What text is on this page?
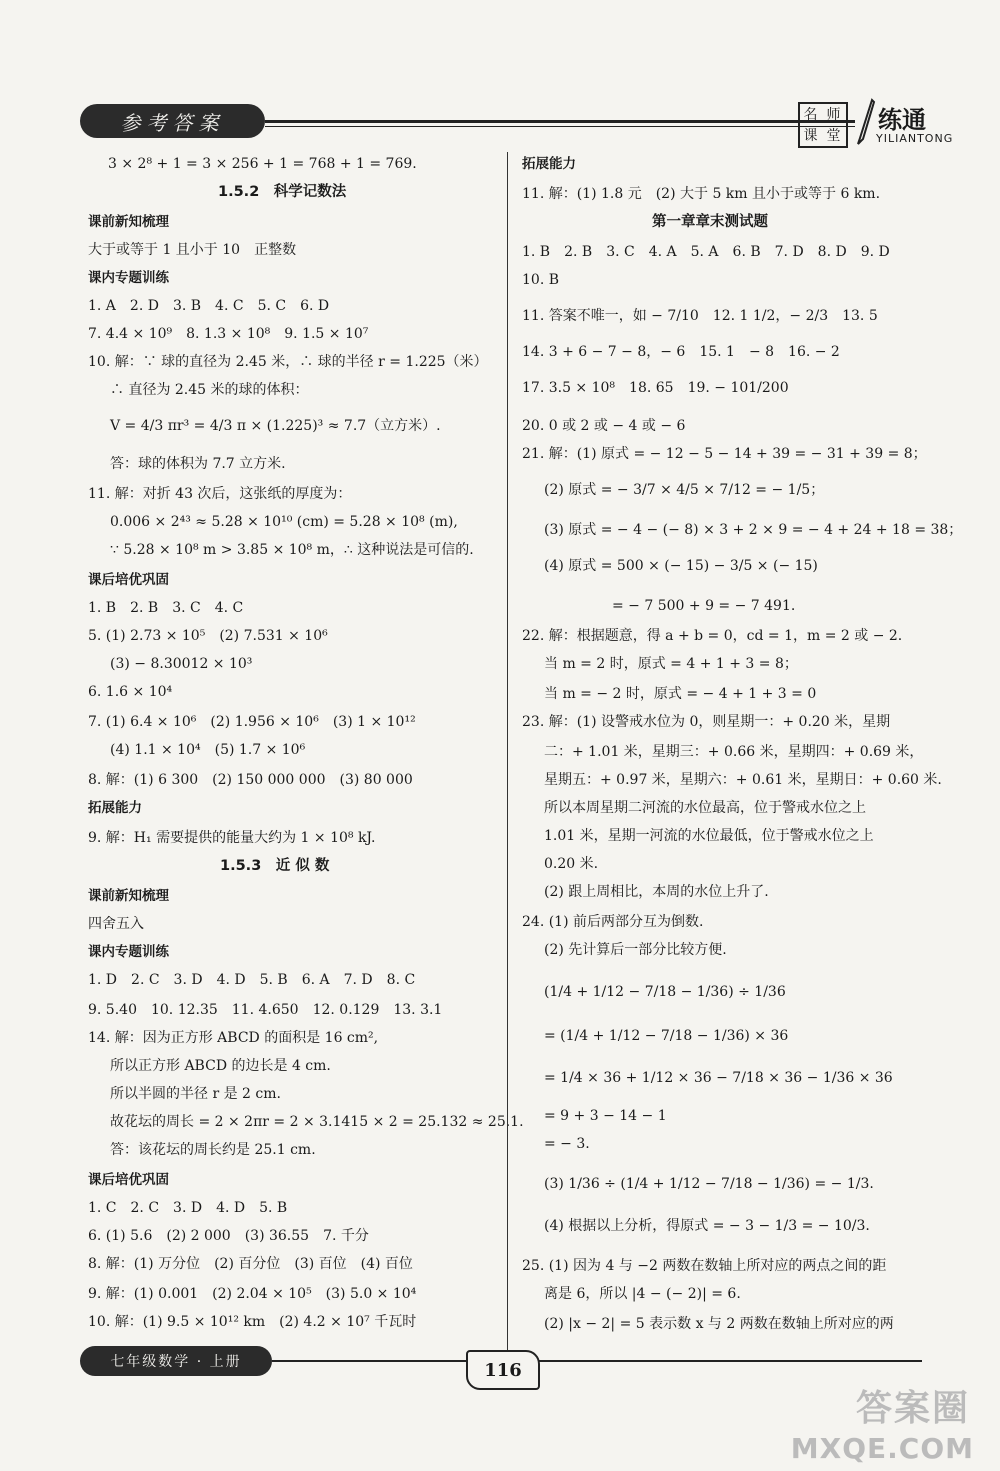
参考答案	名 师
课 堂
练通
YILIANTONG
3 × 2⁸ + 1 = 3 × 256 + 1 = 768 + 1 = 769.
1.5.2　科学记数法
课前新知梳理
大于或等于 1 且小于 10　正整数
课内专题训练
1. A　2. D　3. B　4. C　5. C　6. D
7. 4.4 × 10⁹　8. 1.3 × 10⁸　9. 1.5 × 10⁷
10. 解：∵ 球的直径为 2.45 米，∴ 球的半径 r = 1.225（米）
∴ 直径为 2.45 米的球的体积：
V = 4/3 πr³ = 4/3 π × (1.225)³ ≈ 7.7（立方米）.
答：球的体积为 7.7 立方米.
11. 解：对折 43 次后，这张纸的厚度为：
0.006 × 2⁴³ ≈ 5.28 × 10¹⁰ (cm) = 5.28 × 10⁸ (m),
∵ 5.28 × 10⁸ m > 3.85 × 10⁸ m，∴ 这种说法是可信的.
课后培优巩固
1. B　2. B　3. C　4. C
5. (1) 2.73 × 10⁵　(2) 7.531 × 10⁶
(3) − 8.30012 × 10³
6. 1.6 × 10⁴
7. (1) 6.4 × 10⁶　(2) 1.956 × 10⁶　(3) 1 × 10¹²
(4) 1.1 × 10⁴　(5) 1.7 × 10⁶
8. 解：(1) 6 300　(2) 150 000 000　(3) 80 000
拓展能力
9. 解：H₁ 需要提供的能量大约为 1 × 10⁸ kJ.
1.5.3　近 似 数
课前新知梳理
四舍五入
课内专题训练
1. D　2. C　3. D　4. D　5. B　6. A　7. D　8. C
9. 5.40　10. 12.35　11. 4.650　12. 0.129　13. 3.1
14. 解：因为正方形 ABCD 的面积是 16 cm²,
所以正方形 ABCD 的边长是 4 cm.
所以半圆的半径 r 是 2 cm.
故花坛的周长 = 2 × 2πr = 2 × 3.1415 × 2 = 25.132 ≈ 25.1.
答：该花坛的周长约是 25.1 cm.
课后培优巩固
1. C　2. C　3. D　4. D　5. B
6. (1) 5.6　(2) 2 000　(3) 36.55　7. 千分
8. 解：(1) 万分位　(2) 百分位　(3) 百位　(4) 百位
9. 解：(1) 0.001　(2) 2.04 × 10⁵　(3) 5.0 × 10⁴
10. 解：(1) 9.5 × 10¹² km　(2) 4.2 × 10⁷ 千瓦时
拓展能力
11. 解：(1) 1.8 元　(2) 大于 5 km 且小于或等于 6 km.
第一章章末测试题
1. B　2. B　3. C　4. A　5. A　6. B　7. D　8. D　9. D
10. B
11. 答案不唯一，如 − 7/10　12. 1 1/2，− 2/3　13. 5
14. 3 + 6 − 7 − 8，− 6　15. 1　− 8　16. − 2
17. 3.5 × 10⁸　18. 65　19. − 101/200
20. 0 或 2 或 − 4 或 − 6
21. 解：(1) 原式 = − 12 − 5 − 14 + 39 = − 31 + 39 = 8；
(2) 原式 = − 3/7 × 4/5 × 7/12 = − 1/5；
(3) 原式 = − 4 − (− 8) × 3 + 2 × 9 = − 4 + 24 + 18 = 38；
(4) 原式 = 500 × (− 15) − 3/5 × (− 15)
= − 7 500 + 9 = − 7 491.
22. 解：根据题意，得 a + b = 0，cd = 1，m = 2 或 − 2.
当 m = 2 时，原式 = 4 + 1 + 3 = 8；
当 m = − 2 时，原式 = − 4 + 1 + 3 = 0
23. 解：(1) 设警戒水位为 0，则星期一：+ 0.20 米，星期
二：+ 1.01 米，星期三：+ 0.66 米，星期四：+ 0.69 米，
星期五：+ 0.97 米，星期六：+ 0.61 米，星期日：+ 0.60 米.
所以本周星期二河流的水位最高，位于警戒水位之上
1.01 米，星期一河流的水位最低，位于警戒水位之上
0.20 米.
(2) 跟上周相比，本周的水位上升了.
24. (1) 前后两部分互为倒数.
(2) 先计算后一部分比较方便.
(1/4 + 1/12 − 7/18 − 1/36) ÷ 1/36
= (1/4 + 1/12 − 7/18 − 1/36) × 36
= 1/4 × 36 + 1/12 × 36 − 7/18 × 36 − 1/36 × 36
= 9 + 3 − 14 − 1
= − 3.
(3) 1/36 ÷ (1/4 + 1/12 − 7/18 − 1/36) = − 1/3.
(4) 根据以上分析，得原式 = − 3 − 1/3 = − 10/3.
25. (1) 因为 4 与 −2 两数在数轴上所对应的两点之间的距
离是 6，所以 |4 − (− 2)| = 6.
(2) |x − 2| = 5 表示数 x 与 2 两数在数轴上所对应的两
七年级数学 · 上册	116
答案圈
MXQE.COM
